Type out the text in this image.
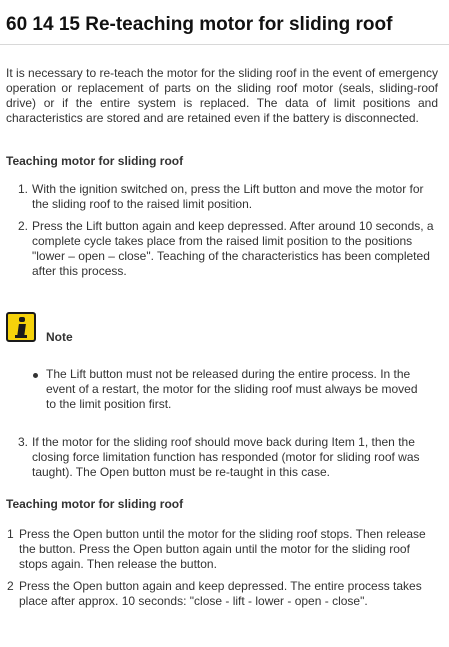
60 14 15 Re-teaching motor for sliding roof

It is necessary to re-teach the motor for the sliding roof in the event of emergency operation or replacement of parts on the sliding roof motor (seals, sliding-roof drive) or if the entire system is replaced. The data of limit positions and characteristics are stored and are retained even if the battery is disconnected.

Teaching motor for sliding roof
1. With the ignition switched on, press the Lift button and move the motor for the sliding roof to the raised limit position.
2. Press the Lift button again and keep depressed. After around 10 seconds, a complete cycle takes place from the raised limit position to the positions "lower – open – close". Teaching of the characteristics has been completed after this process.
Note
The Lift button must not be released during the entire process. In the event of a restart, the motor for the sliding roof must always be moved to the limit position first.
3. If the motor for the sliding roof should move back during Item 1, then the closing force limitation function has responded (motor for sliding roof was taught). The Open button must be re-taught in this case.
Teaching motor for sliding roof
1 Press the Open button until the motor for the sliding roof stops. Then release the button. Press the Open button again until the motor for the sliding roof stops again. Then release the button.
2 Press the Open button again and keep depressed. The entire process takes place after approx. 10 seconds: "close - lift - lower - open - close".
